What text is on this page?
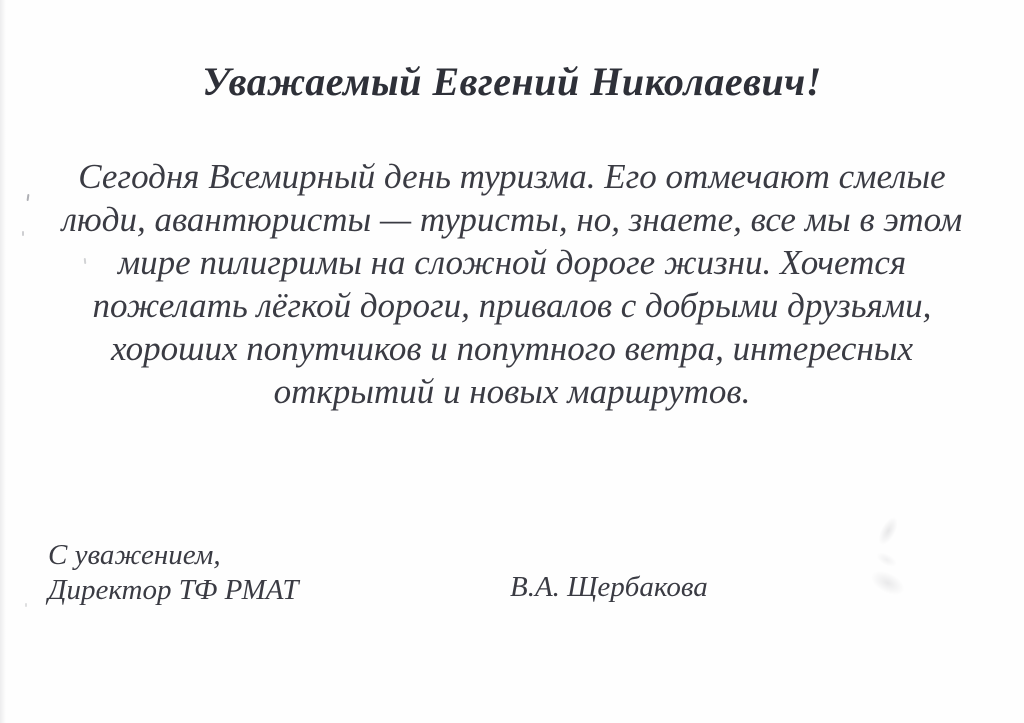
Уважаемый Евгений Николаевич!
Сегодня Всемирный день туризма. Его отмечают смелые
люди, авантюристы — туристы, но, знаете, все мы в этом
мире пилигримы на сложной дороге жизни. Хочется
пожелать лёгкой дороги, привалов с добрыми друзьями,
хороших попутчиков и попутного ветра, интересных
открытий и новых маршрутов.
С уважением,
Директор ТФ РМАТ	В.А. Щербакова
